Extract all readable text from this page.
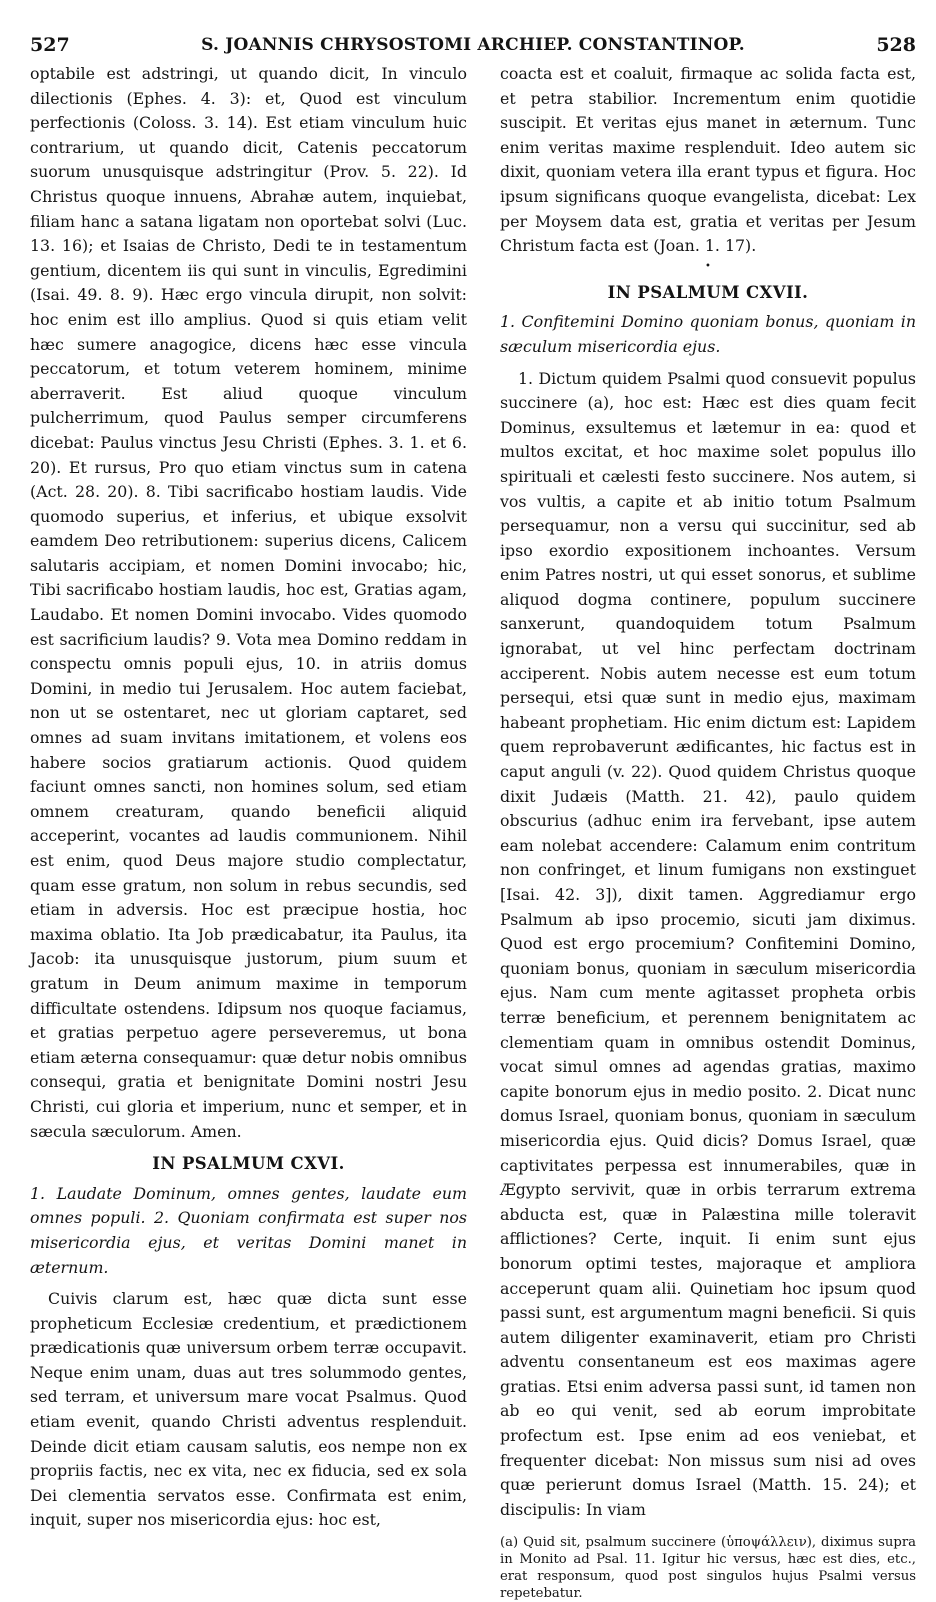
527	S. JOANNIS CHRYSOSTOMI ARCHIEP. CONSTANTINOP.	528

optabile est adstringi, ut quando dicit, In vinculo dilectionis (Ephes. 4. 3): et, Quod est vinculum perfectionis (Coloss. 3. 14). Est etiam vinculum huic contrarium, ut quando dicit, Catenis peccatorum suorum unusquisque adstringitur (Prov. 5. 22). Id Christus quoque innuens, Abrahæ autem, inquiebat, filiam hanc a satana ligatam non oportebat solvi (Luc. 13. 16); et Isaias de Christo, Dedi te in testamentum gentium, dicentem iis qui sunt in vinculis, Egredimini (Isai. 49. 8. 9). Hæc ergo vincula dirupit, non solvit: hoc enim est illo amplius. Quod si quis etiam velit hæc sumere anagogice, dicens hæc esse vincula peccatorum, et totum veterem hominem, minime aberraverit. Est aliud quoque vinculum pulcherrimum, quod Paulus semper circumferens dicebat: Paulus vinctus Jesu Christi (Ephes. 3. 1. et 6. 20). Et rursus, Pro quo etiam vinctus sum in catena (Act. 28. 20). 8. Tibi sacrificabo hostiam laudis. Vide quomodo superius, et inferius, et ubique exsolvit eamdem Deo retributionem: superius dicens, Calicem salutaris accipiam, et nomen Domini invocabo; hic, Tibi sacrificabo hostiam laudis, hoc est, Gratias agam, Laudabo. Et nomen Domini invocabo. Vides quomodo est sacrificium laudis? 9. Vota mea Domino reddam in conspectu omnis populi ejus, 10. in atriis domus Domini, in medio tui Jerusalem. Hoc autem faciebat, non ut se ostentaret, nec ut gloriam captaret, sed omnes ad suam invitans imitationem, et volens eos habere socios gratiarum actionis. Quod quidem faciunt omnes sancti, non homines solum, sed etiam omnem creaturam, quando beneficii aliquid acceperint, vocantes ad laudis communionem. Nihil est enim, quod Deus majore studio complectatur, quam esse gratum, non solum in rebus secundis, sed etiam in adversis. Hoc est præcipue hostia, hoc maxima oblatio. Ita Job prædicabatur, ita Paulus, ita Jacob: ita unusquisque justorum, pium suum et gratum in Deum animum maxime in temporum difficultate ostendens. Idipsum nos quoque faciamus, et gratias perpetuo agere perseveremus, ut bona etiam æterna consequamur: quæ detur nobis omnibus consequi, gratia et benignitate Domini nostri Jesu Christi, cui gloria et imperium, nunc et semper, et in sæcula sæculorum. Amen.

IN PSALMUM CXVI.
1. Laudate Dominum, omnes gentes, laudate eum omnes populi. 2. Quoniam confirmata est super nos misericordia ejus, et veritas Domini manet in æternum.

Cuivis clarum est, hæc quæ dicta sunt esse propheticum Ecclesiæ credentium, et prædictionem prædicationis quæ universum orbem terræ occupavit. Neque enim unam, duas aut tres solummodo gentes, sed terram, et universum mare vocat Psalmus. Quod etiam evenit, quando Christi adventus resplenduit. Deinde dicit etiam causam salutis, eos nempe non ex propriis factis, nec ex vita, nec ex fiducia, sed ex sola Dei clementia servatos esse. Confirmata est enim, inquit, super nos misericordia ejus: hoc est,

coacta est et coaluit, firmaque ac solida facta est, et petra stabilior. Incrementum enim quotidie suscipit. Et veritas ejus manet in æternum. Tunc enim veritas maxime resplenduit. Ideo autem sic dixit, quoniam vetera illa erant typus et figura. Hoc ipsum significans quoque evangelista, dicebat: Lex per Moysem data est, gratia et veritas per Jesum Christum facta est (Joan. 1. 17).

•
IN PSALMUM CXVII.
1. Confitemini Domino quoniam bonus, quoniam in sæculum misericordia ejus.

1. Dictum quidem Psalmi quod consuevit populus succinere (a), hoc est: Hæc est dies quam fecit Dominus, exsultemus et lætemur in ea: quod et multos excitat, et hoc maxime solet populus illo spirituali et cælesti festo succinere. Nos autem, si vos vultis, a capite et ab initio totum Psalmum persequamur, non a versu qui succinitur, sed ab ipso exordio expositionem inchoantes. Versum enim Patres nostri, ut qui esset sonorus, et sublime aliquod dogma continere, populum succinere sanxerunt, quandoquidem totum Psalmum ignorabat, ut vel hinc perfectam doctrinam acciperent. Nobis autem necesse est eum totum persequi, etsi quæ sunt in medio ejus, maximam habeant prophetiam. Hic enim dictum est: Lapidem quem reprobaverunt ædificantes, hic factus est in caput anguli (v. 22). Quod quidem Christus quoque dixit Judæis (Matth. 21. 42), paulo quidem obscurius (adhuc enim ira fervebant, ipse autem eam nolebat accendere: Calamum enim contritum non confringet, et linum fumigans non exstinguet [Isai. 42. 3]), dixit tamen. Aggrediamur ergo Psalmum ab ipso procemio, sicuti jam diximus. Quod est ergo procemium? Confitemini Domino, quoniam bonus, quoniam in sæculum misericordia ejus. Nam cum mente agitasset propheta orbis terræ beneficium, et perennem benignitatem ac clementiam quam in omnibus ostendit Dominus, vocat simul omnes ad agendas gratias, maximo capite bonorum ejus in medio posito. 2. Dicat nunc domus Israel, quoniam bonus, quoniam in sæculum misericordia ejus. Quid dicis? Domus Israel, quæ captivitates perpessa est innumerabiles, quæ in Ægypto servivit, quæ in orbis terrarum extrema abducta est, quæ in Palæstina mille toleravit afflictiones? Certe, inquit. Ii enim sunt ejus bonorum optimi testes, majoraque et ampliora acceperunt quam alii. Quinetiam hoc ipsum quod passi sunt, est argumentum magni beneficii. Si quis autem diligenter examinaverit, etiam pro Christi adventu consentaneum est eos maximas agere gratias. Etsi enim adversa passi sunt, id tamen non ab eo qui venit, sed ab eorum improbitate profectum est. Ipse enim ad eos veniebat, et frequenter dicebat: Non missus sum nisi ad oves quæ perierunt domus Israel (Matth. 15. 24); et discipulis: In viam

(a) Quid sit, psalmum succinere (ὑποψάλλειν), diximus supra in Monito ad Psal. 11. Igitur hic versus, hæc est dies, etc., erat responsum, quod post singulos hujus Psalmi versus repetebatur.
